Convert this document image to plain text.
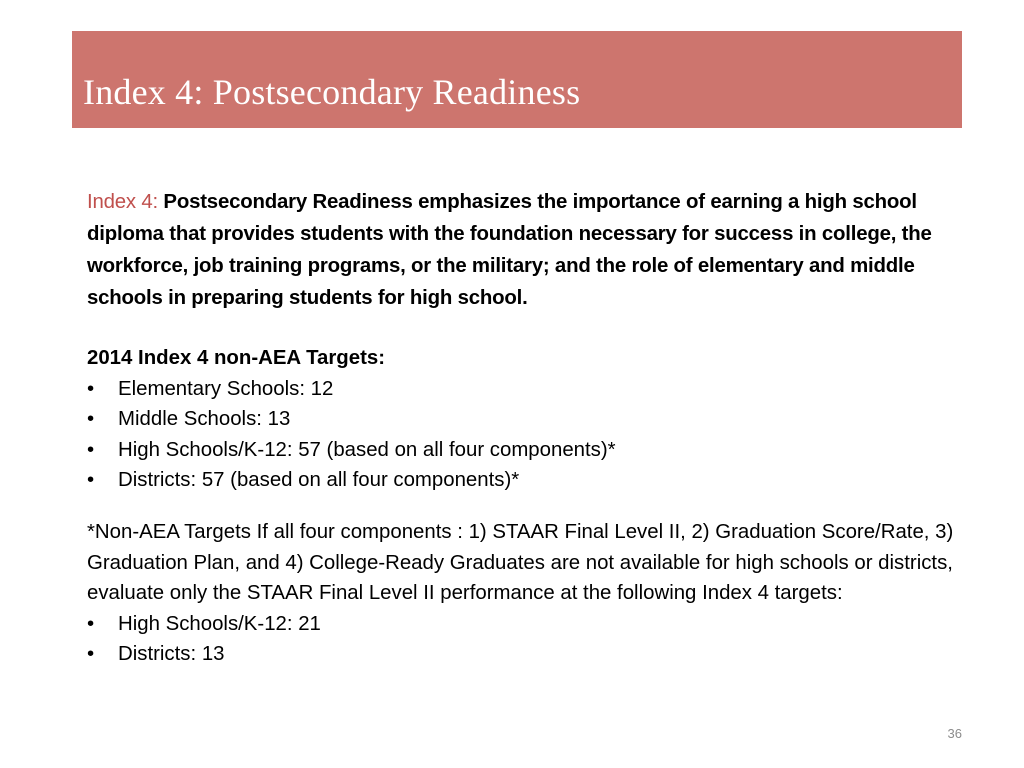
Index 4: Postsecondary Readiness
Index 4: Postsecondary Readiness emphasizes the importance of earning a high school diploma that provides students with the foundation necessary for success in college, the workforce, job training programs, or the military; and the role of elementary and middle schools in preparing students for high school.
2014 Index 4 non-AEA Targets:
• Elementary Schools: 12
• Middle Schools: 13
• High Schools/K-12: 57 (based on all four components)*
• Districts: 57 (based on all four components)*
*Non-AEA Targets If all four components : 1) STAAR Final Level II, 2) Graduation Score/Rate, 3) Graduation Plan, and 4) College-Ready Graduates are not available for high schools or districts, evaluate only the STAAR Final Level II performance at the following Index 4 targets:
• High Schools/K-12: 21
• Districts: 13
36
